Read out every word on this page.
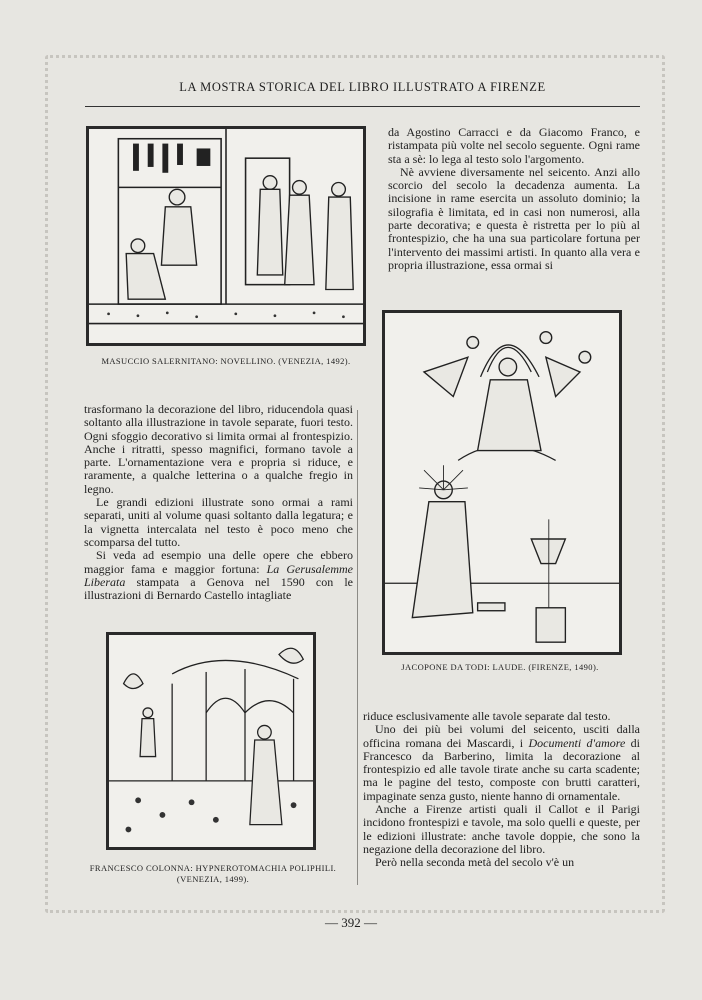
LA MOSTRA STORICA DEL LIBRO ILLUSTRATO A FIRENZE
MASUCCIO SALERNITANO: NOVELLINO. (VENEZIA, 1492).

da Agostino Carracci e da Giacomo Franco, e ristampata più volte nel secolo seguente. Ogni rame sta a sè: lo lega al testo solo l'argomento.

Nè avviene diversamente nel seicento. Anzi allo scorcio del secolo la decadenza aumenta. La incisione in rame esercita un assoluto dominio; la silografia è limitata, ed in casi non numerosi, alla parte decorativa; e questa è ristretta per lo più al frontespizio, che ha una sua particolare fortuna per l'intervento dei massimi artisti. In quanto alla vera e propria illustrazione, essa ormai si

JACOPONE DA TODI: LAUDE. (FIRENZE, 1490).

trasformano la decorazione del libro, riducendola quasi soltanto alla illustrazione in tavole separate, fuori testo. Ogni sfoggio decorativo si limita ormai al frontespizio. Anche i ritratti, spesso magnifici, formano tavole a parte. L'ornamentazione vera e propria si riduce, e raramente, a qualche letterina o a qualche fregio in legno.

Le grandi edizioni illustrate sono ormai a rami separati, uniti al volume quasi soltanto dalla legatura; e la vignetta intercalata nel testo è poco meno che scomparsa del tutto.

Si veda ad esempio una delle opere che ebbero maggior fama e maggior fortuna: La Gerusalemme Liberata stampata a Genova nel 1590 con le illustrazioni di Bernardo Castello intagliate

FRANCESCO COLONNA: HYPNEROTOMACHIA POLIPHILI.
(VENEZIA, 1499).

riduce esclusivamente alle tavole separate dal testo.

Uno dei più bei volumi del seicento, usciti dalla officina romana dei Mascardi, i Documenti d'amore di Francesco da Barberino, limita la decorazione al frontespizio ed alle tavole tirate anche su carta scadente; ma le pagine del testo, composte con brutti caratteri, impaginate senza gusto, niente hanno di ornamentale.

Anche a Firenze artisti quali il Callot e il Parigi incidono frontespizi e tavole, ma solo quelli e queste, per le edizioni illustrate: anche tavole doppie, che sono la negazione della decorazione del libro.

Però nella seconda metà del secolo v'è un

— 392 —
